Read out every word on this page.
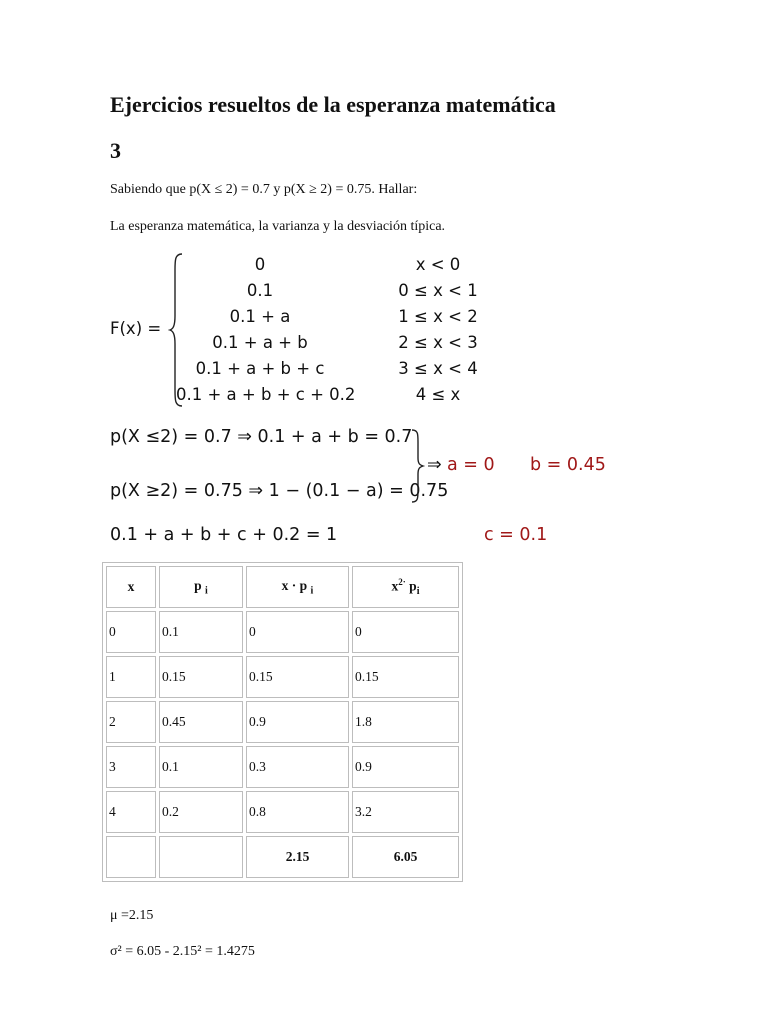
Ejercicios resueltos de la esperanza matemática
3
Sabiendo que p(X ≤ 2) = 0.7 y p(X ≥ 2) = 0.75. Hallar:
La esperanza matemática, la varianza y la desviación típica.
F(x) =
0	x < 0
0.1	0 ≤ x < 1
0.1 + a	1 ≤ x < 2
0.1 + a + b	2 ≤ x < 3
0.1 + a + b + c	3 ≤ x < 4
0.1 + a + b + c + 0.2	4 ≤ x
p(X ≤2) = 0.7 ⇒ 0.1 + a + b = 0.7
p(X ≥2) = 0.75 ⇒ 1 − (0.1 − a) = 0.75
⇒ a = 0 b = 0.45
0.1 + a + b + c + 0.2 = 1	c = 0.1
x	p $_i$	x · p $_i$	$x^{2\cdot}$ $p_i$
0	0.1	0	0
1	0.15	0.15	0.15
2	0.45	0.9	1.8
3	0.1	0.3	0.9
4	0.2	0.8	3.2
		2.15	6.05
μ =2.15
σ² = 6.05 - 2.15² = 1.4275
